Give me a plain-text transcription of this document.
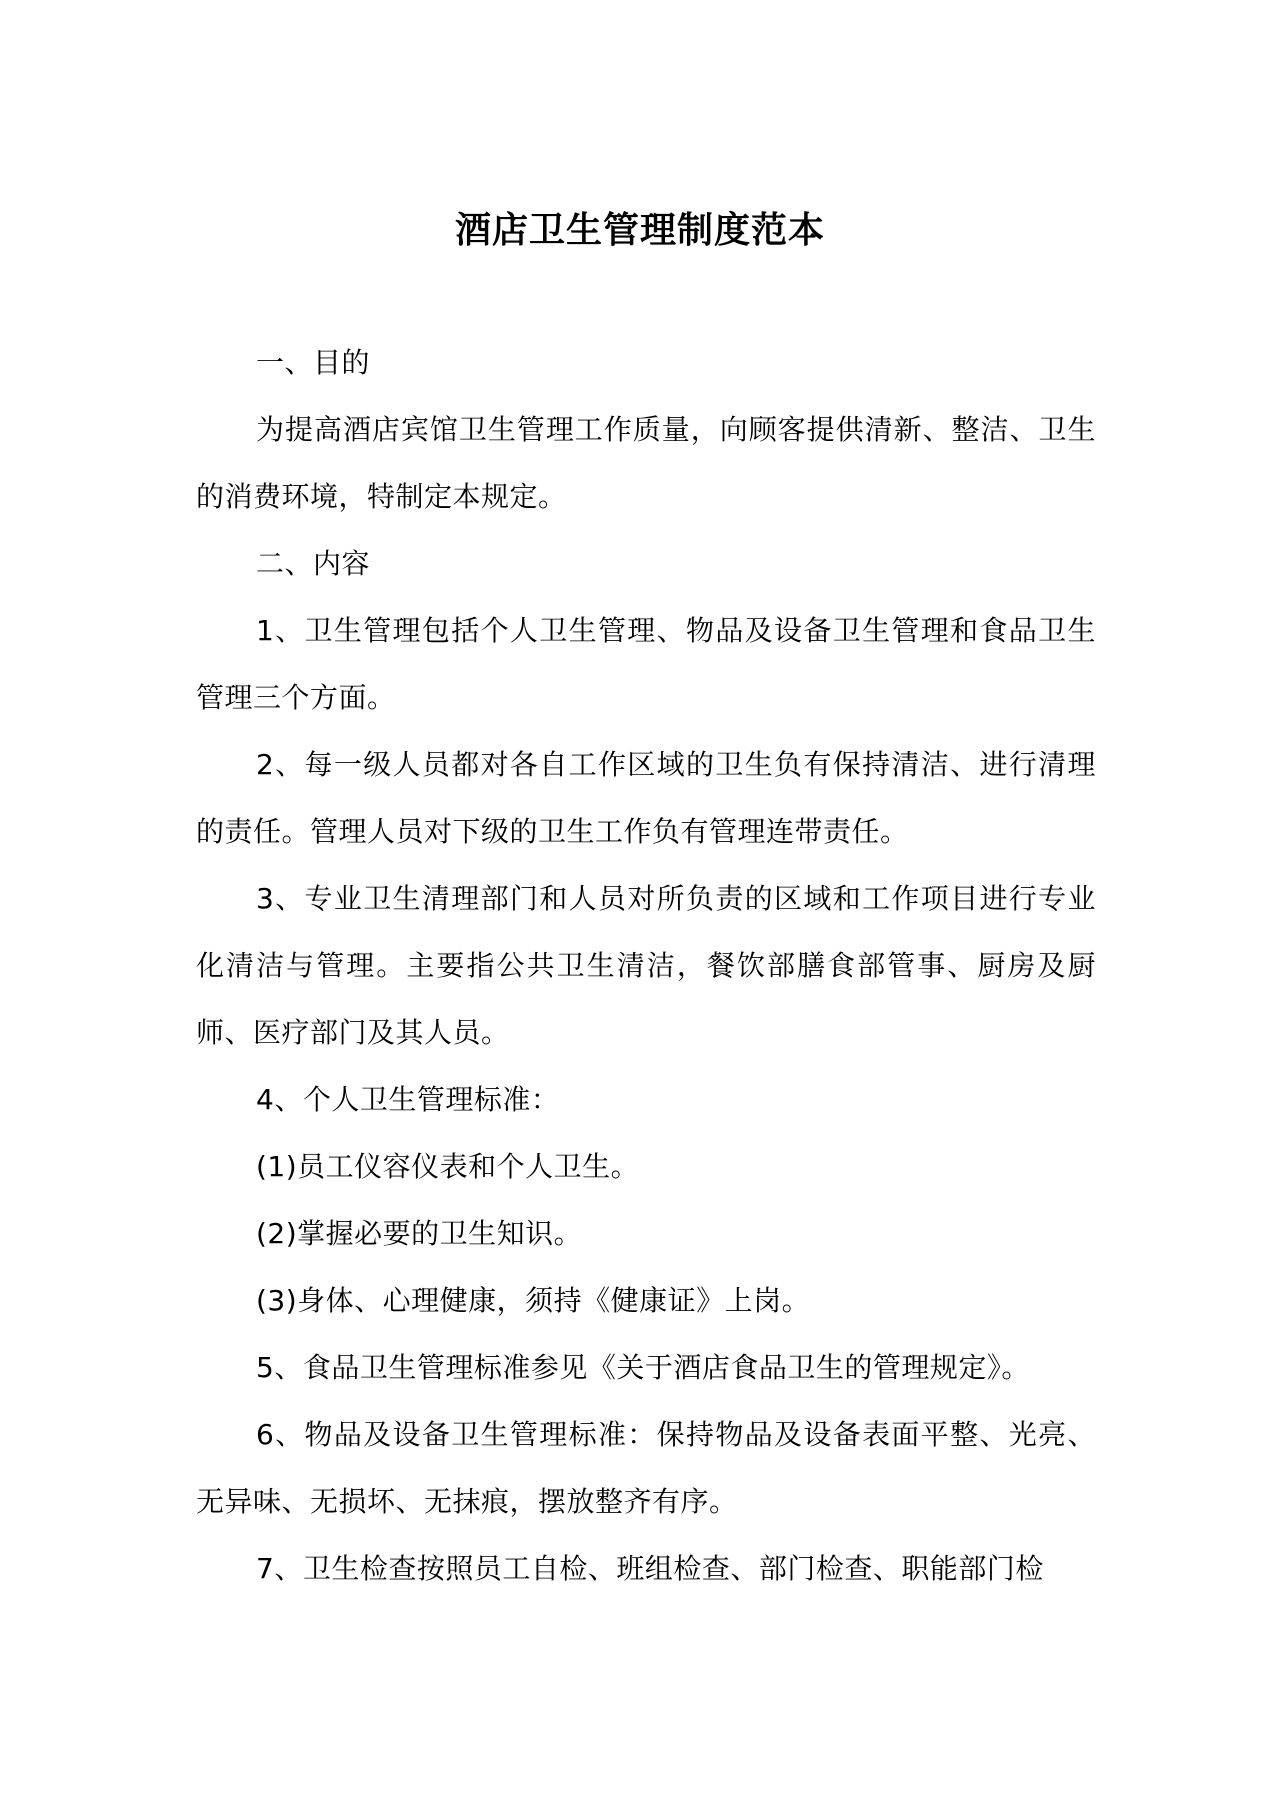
酒店卫生管理制度范本

一、目的

为提高酒店宾馆卫生管理工作质量，向顾客提供清新、整洁、卫生的消费环境，特制定本规定。

二、内容

1、卫生管理包括个人卫生管理、物品及设备卫生管理和食品卫生管理三个方面。

2、每一级人员都对各自工作区域的卫生负有保持清洁、进行清理的责任。管理人员对下级的卫生工作负有管理连带责任。

3、专业卫生清理部门和人员对所负责的区域和工作项目进行专业化清洁与管理。主要指公共卫生清洁，餐饮部膳食部管事、厨房及厨师、医疗部门及其人员。

4、个人卫生管理标准：

(1)员工仪容仪表和个人卫生。

(2)掌握必要的卫生知识。

(3)身体、心理健康，须持《健康证》上岗。

5、食品卫生管理标准参见《关于酒店食品卫生的管理规定》。

6、物品及设备卫生管理标准：保持物品及设备表面平整、光亮、无异味、无损坏、无抹痕，摆放整齐有序。

7、卫生检查按照员工自检、班组检查、部门检查、职能部门检
